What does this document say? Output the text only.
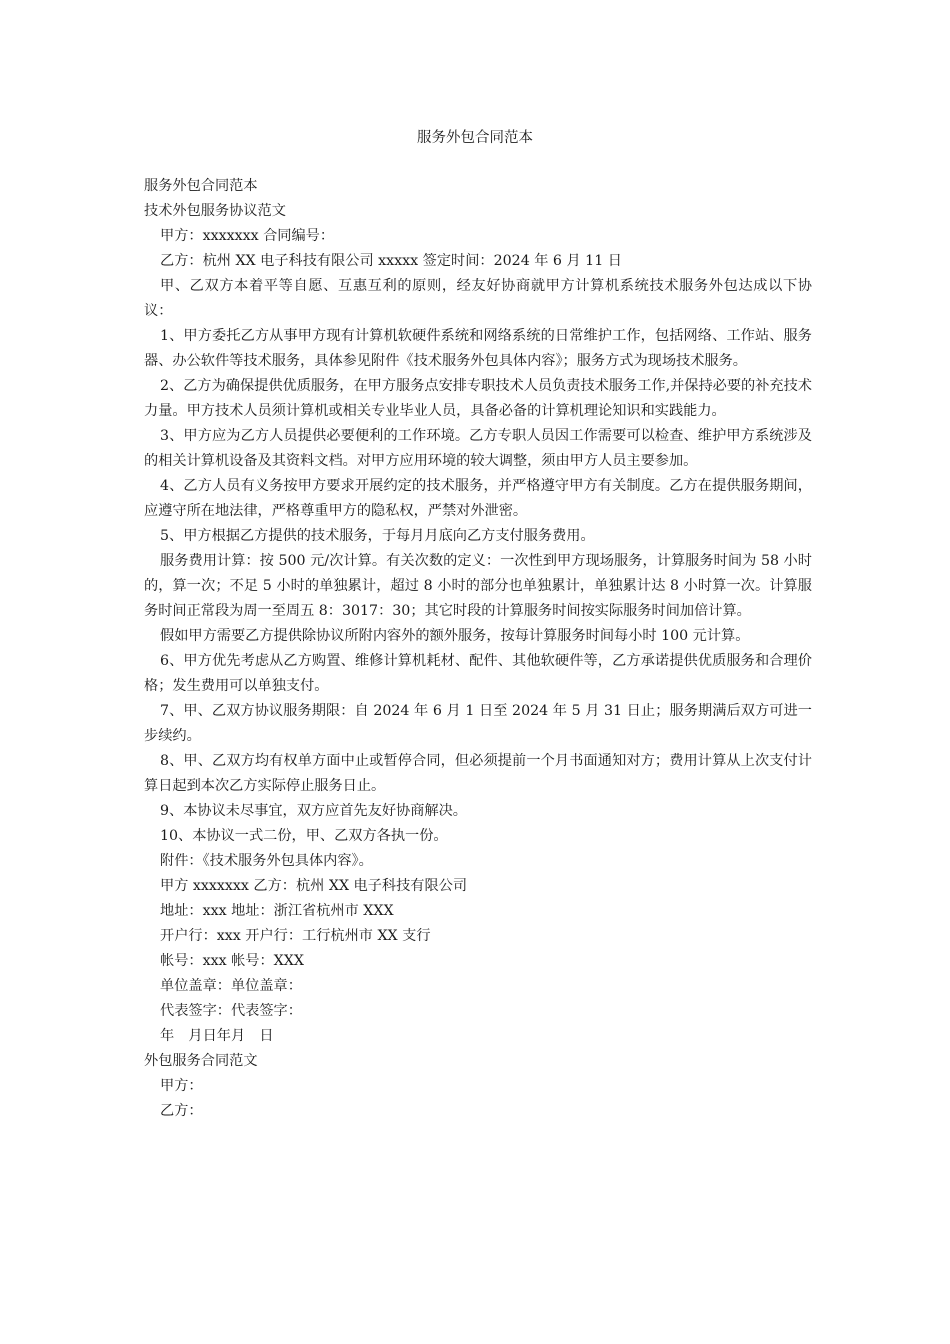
服务外包合同范本

服务外包合同范本

技术外包服务协议范文

甲方：xxxxxxx 合同编号：

乙方：杭州 XX 电子科技有限公司 xxxxx 签定时间：2024 年 6 月 11 日

甲、乙双方本着平等自愿、互惠互利的原则，经友好协商就甲方计算机系统技术服务外包达成以下协议：

1、甲方委托乙方从事甲方现有计算机软硬件系统和网络系统的日常维护工作，包括网络、工作站、服务器、办公软件等技术服务，具体参见附件《技术服务外包具体内容》；服务方式为现场技术服务。

2、乙方为确保提供优质服务，在甲方服务点安排专职技术人员负责技术服务工作,并保持必要的补充技术力量。甲方技术人员须计算机或相关专业毕业人员，具备必备的计算机理论知识和实践能力。

3、甲方应为乙方人员提供必要便利的工作环境。乙方专职人员因工作需要可以检查、维护甲方系统涉及的相关计算机设备及其资料文档。对甲方应用环境的较大调整，须由甲方人员主要参加。

4、乙方人员有义务按甲方要求开展约定的技术服务，并严格遵守甲方有关制度。乙方在提供服务期间，应遵守所在地法律，严格尊重甲方的隐私权，严禁对外泄密。

5、甲方根据乙方提供的技术服务，于每月月底向乙方支付服务费用。

服务费用计算：按 500 元/次计算。有关次数的定义：一次性到甲方现场服务，计算服务时间为 58 小时的，算一次；不足 5 小时的单独累计，超过 8 小时的部分也单独累计，单独累计达 8 小时算一次。计算服务时间正常段为周一至周五 8：3017：30；其它时段的计算服务时间按实际服务时间加倍计算。

假如甲方需要乙方提供除协议所附内容外的额外服务，按每计算服务时间每小时 100 元计算。

6、甲方优先考虑从乙方购置、维修计算机耗材、配件、其他软硬件等，乙方承诺提供优质服务和合理价格；发生费用可以单独支付。

7、甲、乙双方协议服务期限：自 2024 年 6 月 1 日至 2024 年 5 月 31 日止；服务期满后双方可进一步续约。

8、甲、乙双方均有权单方面中止或暂停合同，但必须提前一个月书面通知对方；费用计算从上次支付计算日起到本次乙方实际停止服务日止。

9、本协议未尽事宜，双方应首先友好协商解决。

10、本协议一式二份，甲、乙双方各执一份。

附件：《技术服务外包具体内容》。

甲方 xxxxxxx 乙方：杭州 XX 电子科技有限公司

地址：xxx 地址：浙江省杭州市 XXX

开户行：xxx 开户行：工行杭州市 XX 支行

帐号：xxx 帐号：XXX

单位盖章：单位盖章：

代表签字：代表签字：

年　月日年月　日

外包服务合同范文

甲方：

乙方：
